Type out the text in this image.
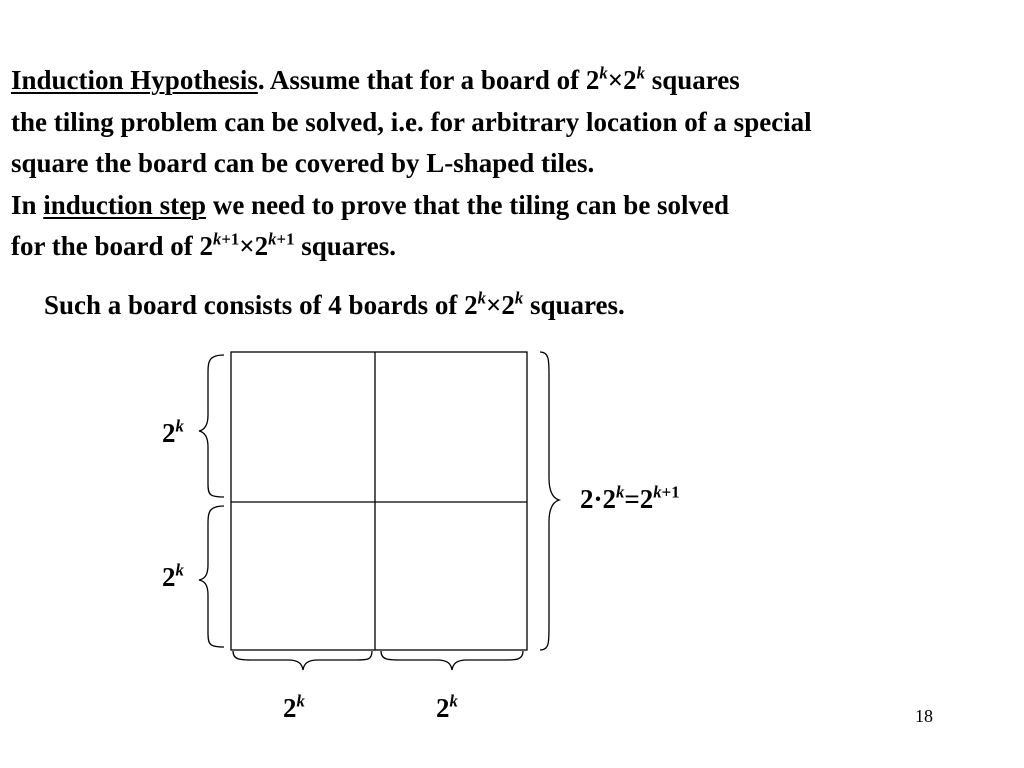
Induction Hypothesis. Assume that for a board of $2^k\times 2^k$ squares

the tiling problem can be solved, i.e. for arbitrary location of a special

square the board can be covered by L-shaped tiles.

In induction step we need to prove that the tiling can be solved

for the board of $2^{k+1}\times 2^{k+1}$ squares.

Such a board consists of 4 boards of $2^k\times 2^k$ squares.
2$^k$
2$^k$
$2\cdot 2^k=2^{k+1}$
2$^k$	2$^k$
18
